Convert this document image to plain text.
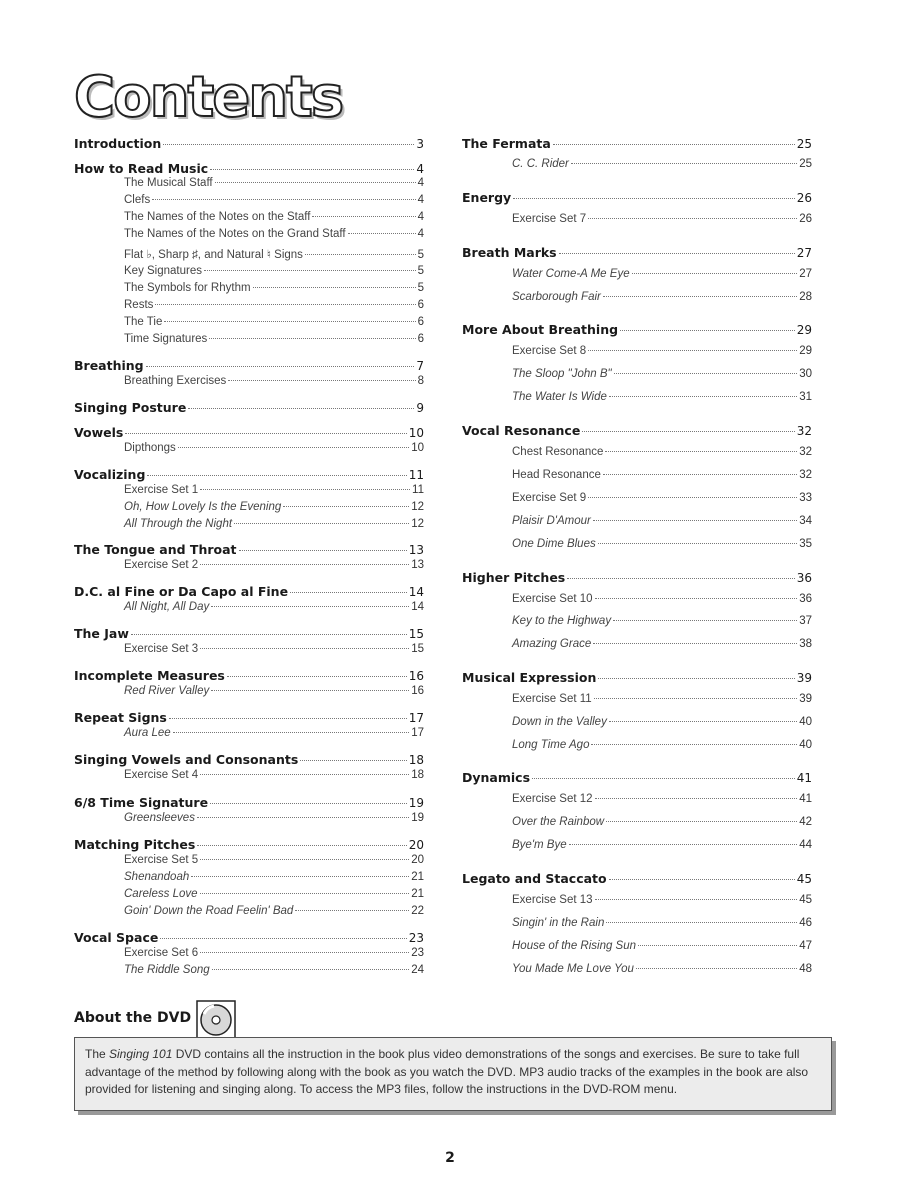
Contents
Introduction	3
How to Read Music	4
The Musical Staff	4
Clefs	4
The Names of the Notes on the Staff	4
The Names of the Notes on the Grand Staff	4
Flat ♭, Sharp ♯, and Natural ♮ Signs	5
Key Signatures	5
The Symbols for Rhythm	5
Rests	6
The Tie	6
Time Signatures	6
Breathing	7
Breathing Exercises	8
Singing Posture	9
Vowels	10
Dipthongs	10
Vocalizing	11
Exercise Set 1	11
Oh, How Lovely Is the Evening	12
All Through the Night	12
The Tongue and Throat	13
Exercise Set 2	13
D.C. al Fine or Da Capo al Fine	14
All Night, All Day	14
The Jaw	15
Exercise Set 3	15
Incomplete Measures	16
Red River Valley	16
Repeat Signs	17
Aura Lee	17
Singing Vowels and Consonants	18
Exercise Set 4	18
6/8 Time Signature	19
Greensleeves	19
Matching Pitches	20
Exercise Set 5	20
Shenandoah	21
Careless Love	21
Goin' Down the Road Feelin' Bad	22
Vocal Space	23
Exercise Set 6	23
The Riddle Song	24
The Fermata	25
C. C. Rider	25
Energy	26
Exercise Set 7	26
Breath Marks	27
Water Come-A Me Eye	27
Scarborough Fair	28
More About Breathing	29
Exercise Set 8	29
The Sloop "John B"	30
The Water Is Wide	31
Vocal Resonance	32
Chest Resonance	32
Head Resonance	32
Exercise Set 9	33
Plaisir D'Amour	34
One Dime Blues	35
Higher Pitches	36
Exercise Set 10	36
Key to the Highway	37
Amazing Grace	38
Musical Expression	39
Exercise Set 11	39
Down in the Valley	40
Long Time Ago	40
Dynamics	41
Exercise Set 12	41
Over the Rainbow	42
Bye'm Bye	44
Legato and Staccato	45
Exercise Set 13	45
Singin' in the Rain	46
House of the Rising Sun	47
You Made Me Love You	48
About the DVD
The Singing 101 DVD contains all the instruction in the book plus video demonstrations of the songs and exercises. Be sure to take full advantage of the method by following along with the book as you watch the DVD. MP3 audio tracks of the examples in the book are also provided for listening and singing along. To access the MP3 files, follow the instructions in the DVD-ROM menu.
2
